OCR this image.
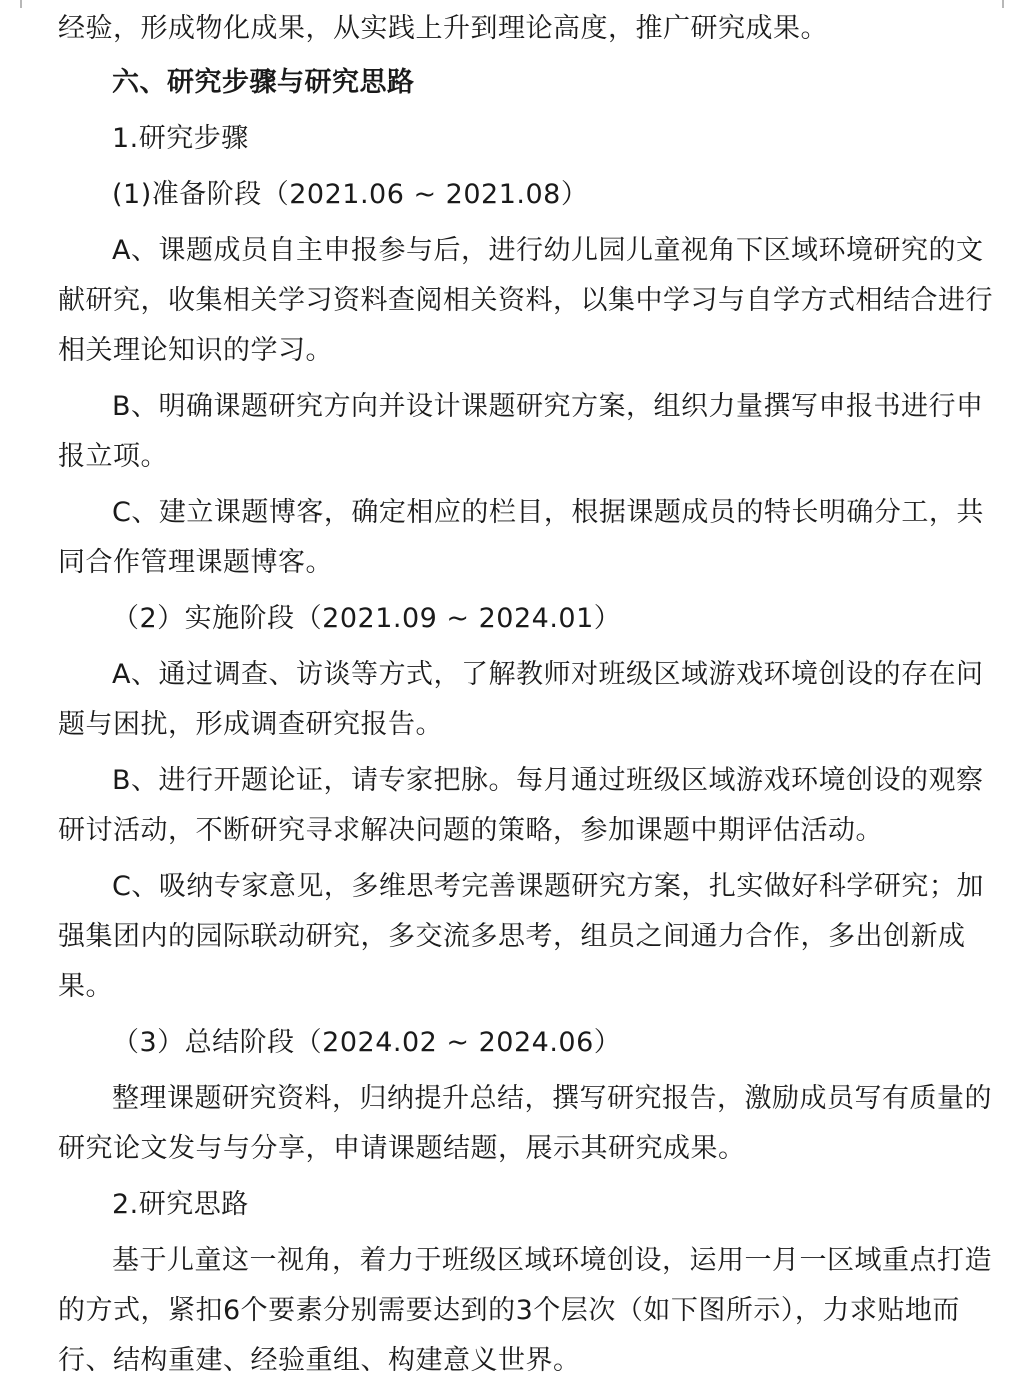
经验，形成物化成果，从实践上升到理论高度，推广研究成果。

六、研究步骤与研究思路

1.研究步骤

(1)准备阶段（2021.06 ~ 2021.08）

A、课题成员自主申报参与后，进行幼儿园儿童视角下区域环境研究的文献研究，收集相关学习资料查阅相关资料，以集中学习与自学方式相结合进行相关理论知识的学习。

B、明确课题研究方向并设计课题研究方案，组织力量撰写申报书进行申报立项。

C、建立课题博客，确定相应的栏目，根据课题成员的特长明确分工，共同合作管理课题博客。

（2）实施阶段（2021.09 ~ 2024.01）

A、通过调查、访谈等方式，了解教师对班级区域游戏环境创设的存在问题与困扰，形成调查研究报告。

B、进行开题论证，请专家把脉。每月通过班级区域游戏环境创设的观察研讨活动，不断研究寻求解决问题的策略，参加课题中期评估活动。

C、吸纳专家意见，多维思考完善课题研究方案，扎实做好科学研究；加强集团内的园际联动研究，多交流多思考，组员之间通力合作，多出创新成果。

（3）总结阶段（2024.02 ~ 2024.06）

整理课题研究资料，归纳提升总结，撰写研究报告，激励成员写有质量的研究论文发与与分享，申请课题结题，展示其研究成果。

2.研究思路

基于儿童这一视角，着力于班级区域环境创设，运用一月一区域重点打造的方式，紧扣6个要素分别需要达到的3个层次（如下图所示），力求贴地而行、结构重建、经验重组、构建意义世界。
